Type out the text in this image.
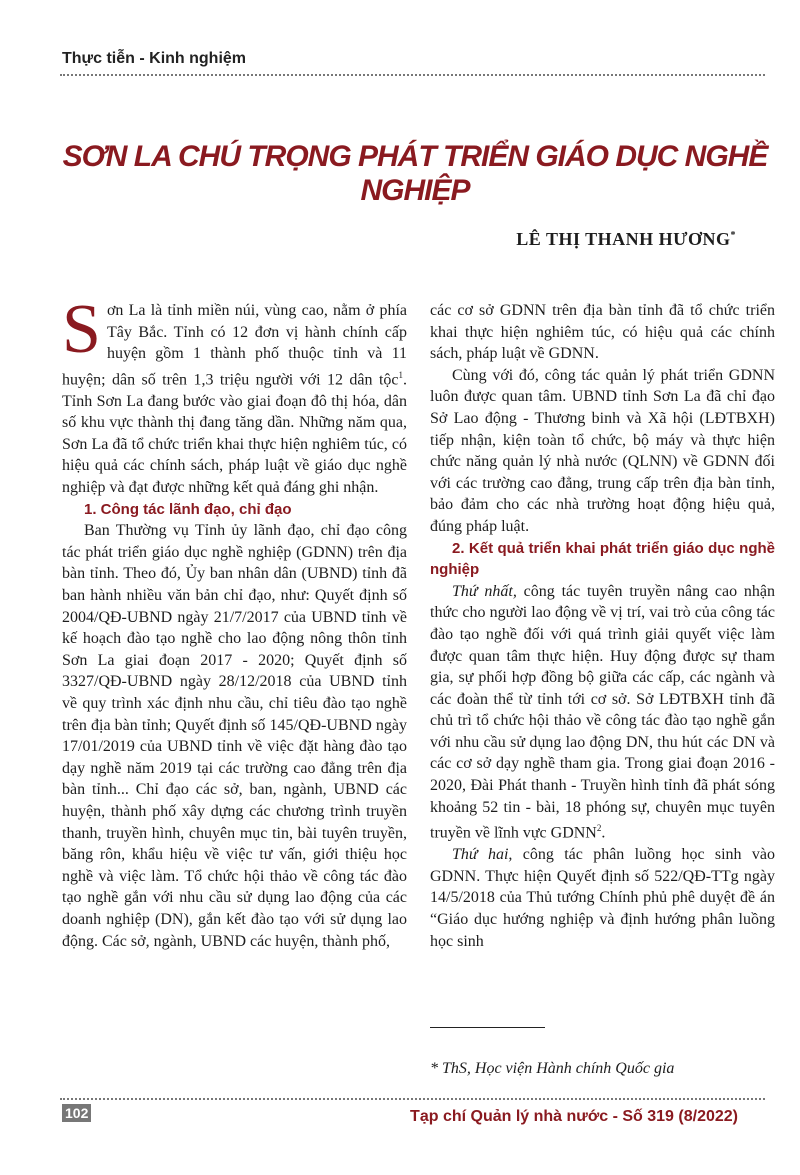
Thực tiễn - Kinh nghiệm
SƠN LA CHÚ TRỌNG PHÁT TRIỂN GIÁO DỤC NGHỀ NGHIỆP
LÊ THỊ THANH HƯƠNG*

Sơn La là tỉnh miền núi, vùng cao, nằm ở phía Tây Bắc. Tỉnh có 12 đơn vị hành chính cấp huyện gồm 1 thành phố thuộc tỉnh và 11 huyện; dân số trên 1,3 triệu người với 12 dân tộc$^1$. Tỉnh Sơn La đang bước vào giai đoạn đô thị hóa, dân số khu vực thành thị đang tăng dần. Những năm qua, Sơn La đã tổ chức triển khai thực hiện nghiêm túc, có hiệu quả các chính sách, pháp luật về giáo dục nghề nghiệp và đạt được những kết quả đáng ghi nhận.

1. Công tác lãnh đạo, chỉ đạo

Ban Thường vụ Tỉnh ủy lãnh đạo, chỉ đạo công tác phát triển giáo dục nghề nghiệp (GDNN) trên địa bàn tỉnh. Theo đó, Ủy ban nhân dân (UBND) tỉnh đã ban hành nhiều văn bản chỉ đạo, như: Quyết định số 2004/QĐ-UBND ngày 21/7/2017 của UBND tỉnh về kế hoạch đào tạo nghề cho lao động nông thôn tỉnh Sơn La giai đoạn 2017 - 2020; Quyết định số 3327/QĐ-UBND ngày 28/12/2018 của UBND tỉnh về quy trình xác định nhu cầu, chỉ tiêu đào tạo nghề trên địa bàn tỉnh; Quyết định số 145/QĐ-UBND ngày 17/01/2019 của UBND tỉnh về việc đặt hàng đào tạo dạy nghề năm 2019 tại các trường cao đẳng trên địa bàn tỉnh... Chỉ đạo các sở, ban, ngành, UBND các huyện, thành phố xây dựng các chương trình truyền thanh, truyền hình, chuyên mục tin, bài tuyên truyền, băng rôn, khẩu hiệu về việc tư vấn, giới thiệu học nghề và việc làm. Tổ chức hội thảo về công tác đào tạo nghề gắn với nhu cầu sử dụng lao động của các doanh nghiệp (DN), gắn kết đào tạo với sử dụng lao động. Các sở, ngành, UBND các huyện, thành phố,

các cơ sở GDNN trên địa bàn tỉnh đã tổ chức triển khai thực hiện nghiêm túc, có hiệu quả các chính sách, pháp luật về GDNN.

Cùng với đó, công tác quản lý phát triển GDNN luôn được quan tâm. UBND tỉnh Sơn La đã chỉ đạo Sở Lao động - Thương binh và Xã hội (LĐTBXH) tiếp nhận, kiện toàn tổ chức, bộ máy và thực hiện chức năng quản lý nhà nước (QLNN) về GDNN đối với các trường cao đẳng, trung cấp trên địa bàn tỉnh, bảo đảm cho các nhà trường hoạt động hiệu quả, đúng pháp luật.

2. Kết quả triển khai phát triển giáo dục nghề nghiệp

Thứ nhất, công tác tuyên truyền nâng cao nhận thức cho người lao động về vị trí, vai trò của công tác đào tạo nghề đối với quá trình giải quyết việc làm được quan tâm thực hiện. Huy động được sự tham gia, sự phối hợp đồng bộ giữa các cấp, các ngành và các đoàn thể từ tỉnh tới cơ sở. Sở LĐTBXH tỉnh đã chủ trì tổ chức hội thảo về công tác đào tạo nghề gắn với nhu cầu sử dụng lao động DN, thu hút các DN và các cơ sở dạy nghề tham gia. Trong giai đoạn 2016 - 2020, Đài Phát thanh - Truyền hình tỉnh đã phát sóng khoảng 52 tin - bài, 18 phóng sự, chuyên mục tuyên truyền về lĩnh vực GDNN$^2$.

Thứ hai, công tác phân luồng học sinh vào GDNN. Thực hiện Quyết định số 522/QĐ-TTg ngày 14/5/2018 của Thủ tướng Chính phủ phê duyệt đề án “Giáo dục hướng nghiệp và định hướng phân luồng học sinh

* ThS, Học viện Hành chính Quốc gia
102	Tạp chí Quản lý nhà nước - Số 319 (8/2022)
